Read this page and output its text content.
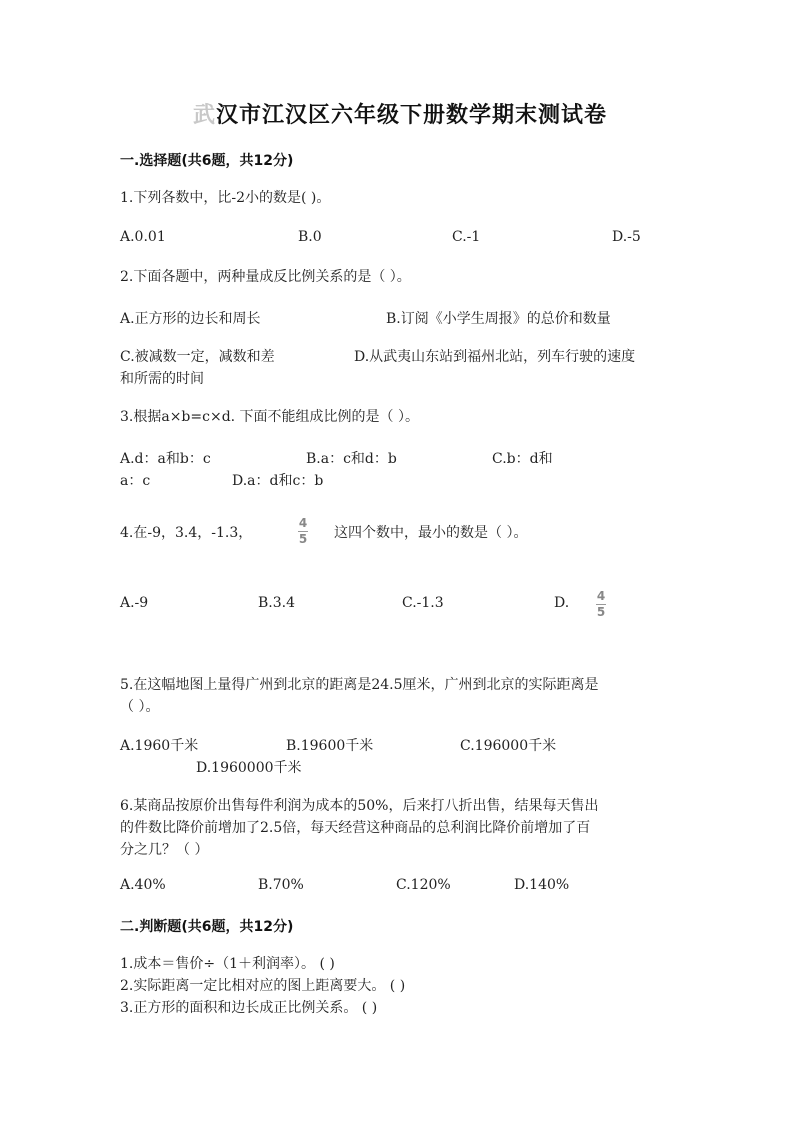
武汉市江汉区六年级下册数学期末测试卷
一.选择题(共6题，共12分)
1.下列各数中，比-2小的数是( )。
A.0.01	B.0	C.-1	D.-5
2.下面各题中，两种量成反比例关系的是（ ）。
A.正方形的边长和周长	B.订阅《小学生周报》的总价和数量
C.被减数一定，减数和差	D.从武夷山东站到福州北站，列车行驶的速度
和所需的时间
3.根据a×b=c×d. 下面不能组成比例的是（ ）。
A.d：a和b：c	B.a：c和d：b	C.b：d和
a：c	D.a：d和c：b
4.在-9，3.4，-1.3，
4
5 这四个数中，最小的数是（ ）。
A.-9	B.3.4	C.-1.3	D. 4
5
5.在这幅地图上量得广州到北京的距离是24.5厘米，广州到北京的实际距离是
（ ）。
A.1960千米	B.19600千米	C.196000千米
D.1960000千米
6.某商品按原价出售每件利润为成本的50%，后来打八折出售，结果每天售出
的件数比降价前增加了2.5倍，每天经营这种商品的总利润比降价前增加了百
分之几？（ ）
A.40%	B.70%	C.120%	D.140%
二.判断题(共6题，共12分)
1.成本＝售价÷（1＋利润率）。 ( )
2.实际距离一定比相对应的图上距离要大。 ( )
3.正方形的面积和边长成正比例关系。 ( )
